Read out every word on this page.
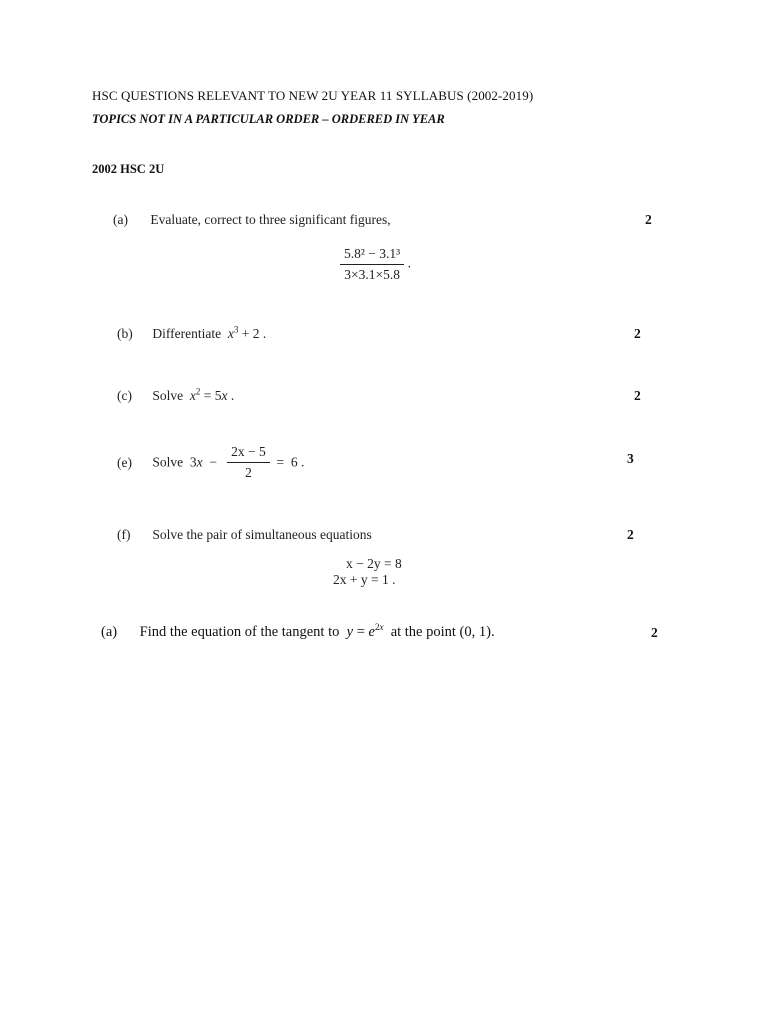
HSC QUESTIONS RELEVANT TO NEW 2U YEAR 11 SYLLABUS (2002-2019)
TOPICS NOT IN A PARTICULAR ORDER – ORDERED IN YEAR
2002 HSC 2U
(a) Evaluate, correct to three significant figures,	2
$\frac{\text{5.8² − 3.1³}}{3\times 3.1\times 5.8}$ .
(b) Differentiate $x^3 + 2$ .	2
(c) Solve $x^2 = 5x$ .	2
(e) Solve  $3x - \frac{2x - 5}{2} = 6$ .	3
(f) Solve the pair of simultaneous equations	2
x − 2y = 8
2x + y = 1 .
(a) Find the equation of the tangent to $y = e^{2x}$ at the point (0, 1).	2
